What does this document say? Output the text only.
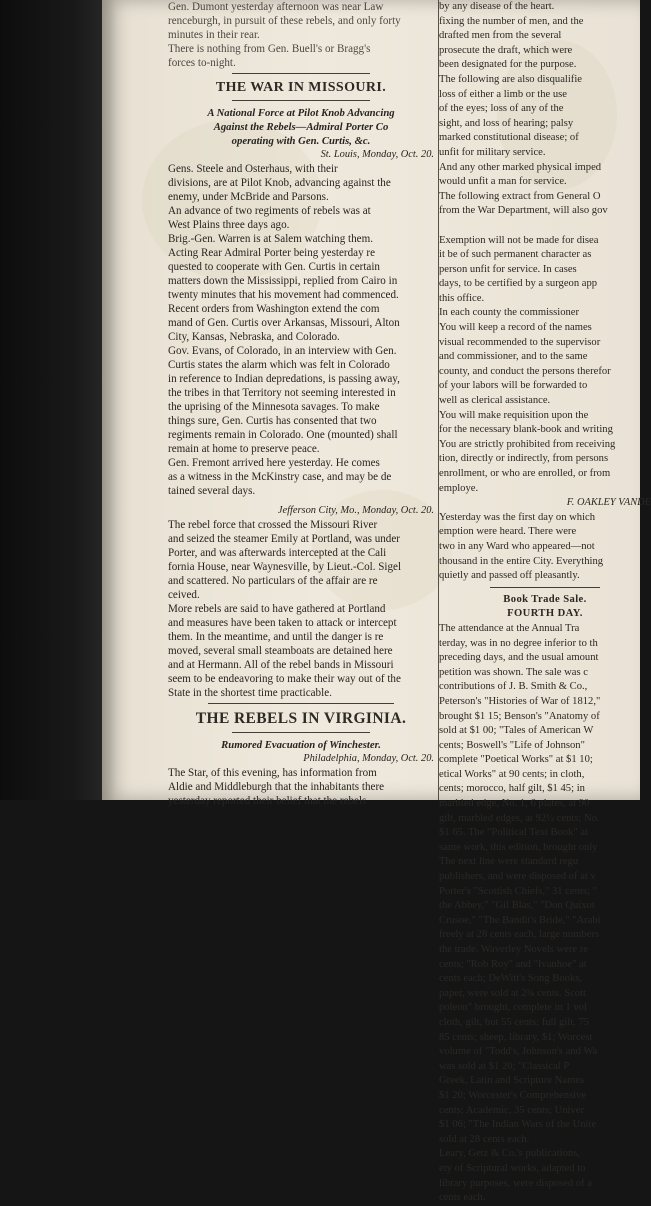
Gen. Dumont yesterday afternoon was near Law
renceburgh, in pursuit of these rebels, and only forty
minutes in their rear.
There is nothing from Gen. Buell's or Bragg's
forces to-night.
THE WAR IN MISSOURI.
A National Force at Pilot Knob Advancing
Against the Rebels—Admiral Porter Co
operating with Gen. Curtis, &c.
St. Louis, Monday, Oct. 20.
Gens. Steele and Osterhaus, with their
divisions, are at Pilot Knob, advancing against the
enemy, under McBride and Parsons.
An advance of two regiments of rebels was at
West Plains three days ago.
Brig.-Gen. Warren is at Salem watching them.
Acting Rear Admiral Porter being yesterday re
quested to cooperate with Gen. Curtis in certain
matters down the Mississippi, replied from Cairo in
twenty minutes that his movement had commenced.
Recent orders from Washington extend the com
mand of Gen. Curtis over Arkansas, Missouri, Alton
City, Kansas, Nebraska, and Colorado.
Gov. Evans, of Colorado, in an interview with Gen.
Curtis states the alarm which was felt in Colorado
in reference to Indian depredations, is passing away,
the tribes in that Territory not seeming interested in
the uprising of the Minnesota savages. To make
things sure, Gen. Curtis has consented that two
regiments remain in Colorado. One (mounted) shall
remain at home to preserve peace.
Gen. Fremont arrived here yesterday. He comes
as a witness in the McKinstry case, and may be de
tained several days.
Jefferson City, Mo., Monday, Oct. 20.
The rebel force that crossed the Missouri River
and seized the steamer Emily at Portland, was under
Porter, and was afterwards intercepted at the Cali
fornia House, near Waynesville, by Lieut.-Col. Sigel
and scattered. No particulars of the affair are re
ceived.
More rebels are said to have gathered at Portland
and measures have been taken to attack or intercept
them. In the meantime, and until the danger is re
moved, several small steamboats are detained here
and at Hermann. All of the rebel bands in Missouri
seem to be endeavoring to make their way out of the
State in the shortest time practicable.
THE REBELS IN VIRGINIA.
Rumored Evacuation of Winchester.
Philadelphia, Monday, Oct. 20.
The Star, of this evening, has information from
Aldie and Middleburgh that the inhabitants there
yesterday reported their belief that the rebels
by any disease of the heart.
fixing the number of men, and the
drafted men from the several
prosecute the draft, which were
been designated for the purpose.
The following are also disqualifie
loss of either a limb or the use
of the eyes; loss of any of the
sight, and loss of hearing; palsy
marked constitutional disease; of
unfit for military service.
And any other marked physical imped
would unfit a man for service.
The following extract from General O
from the War Department, will also gov
Exemption will not be made for disea
it be of such permanent character as
person unfit for service. In cases
days, to be certified by a surgeon app
this office.
In each county the commissioner
You will keep a record of the names
visual recommended to the supervisor
and commissioner, and to the same
county, and conduct the persons therefor
of your labors will be forwarded to
well as clerical assistance.
You will make requisition upon the
for the necessary blank-book and writing
You are strictly prohibited from receiving
tion, directly or indirectly, from persons
enrollment, or who are enrolled, or from
employe.
F. OAKLEY VANDE
Yesterday was the first day on which
emption were heard. There were
two in any Ward who appeared—not
thousand in the entire City. Everything
quietly and passed off pleasantly.
Book Trade Sale.
FOURTH DAY.
The attendance at the Annual Tra
terday, was in no degree inferior to th
preceding days, and the usual amount
petition was shown. The sale was c
contributions of J. B. Smith & Co.,
Peterson's "Histories of War of 1812,"
brought $1 15; Benson's "Anatomy of
sold at $1 00; "Tales of American W
cents; Boswell's "Life of Johnson"
complete "Poetical Works" at $1 10;
etical Works" at 90 cents; in cloth,
cents; morocco, half gilt, $1 45; in
marbled edge, No. 1, 6 plates, at 90
gilt, marbled edges, at 92½ cents; No.
$1 65. The "Political Text Book" at
same work, this edition, brought only
The next line were standard regu
publishers, and were disposed of at v
Porter's "Scottish Chiefs," 31 cents; "
the Abbey," "Gil Blas," "Don Quixot
Crusoe," "The Bandit's Bride," "Arabi
freely at 28 cents each, large numbers
the trade. Waverley Novels were re
cents; "Rob Roy" and "Ivanhoe" at
cents each; DeWitt's Song Books,
paper, were sold at 2¾ cents. Scott
poleon" brought, complete in 1 vol
cloth, gilt, but 55 cents; full gilt, 75
85 cents; sheep, library, $1; Worcest
volume of "Todd's, Johnson's and Wa
was sold at $1 20; "Classical P
Greek, Latin and Scripture Names
$1 20; Worcester's Comprehensive
cents; Academic, 35 cents; Univer
$1 06; "The Indian Wars of the Unite
sold at 28 cents each.
Leary, Getz & Co.'s publications,
ety of Scriptural works, adapted to
library purposes, were disposed of a
cents each.
